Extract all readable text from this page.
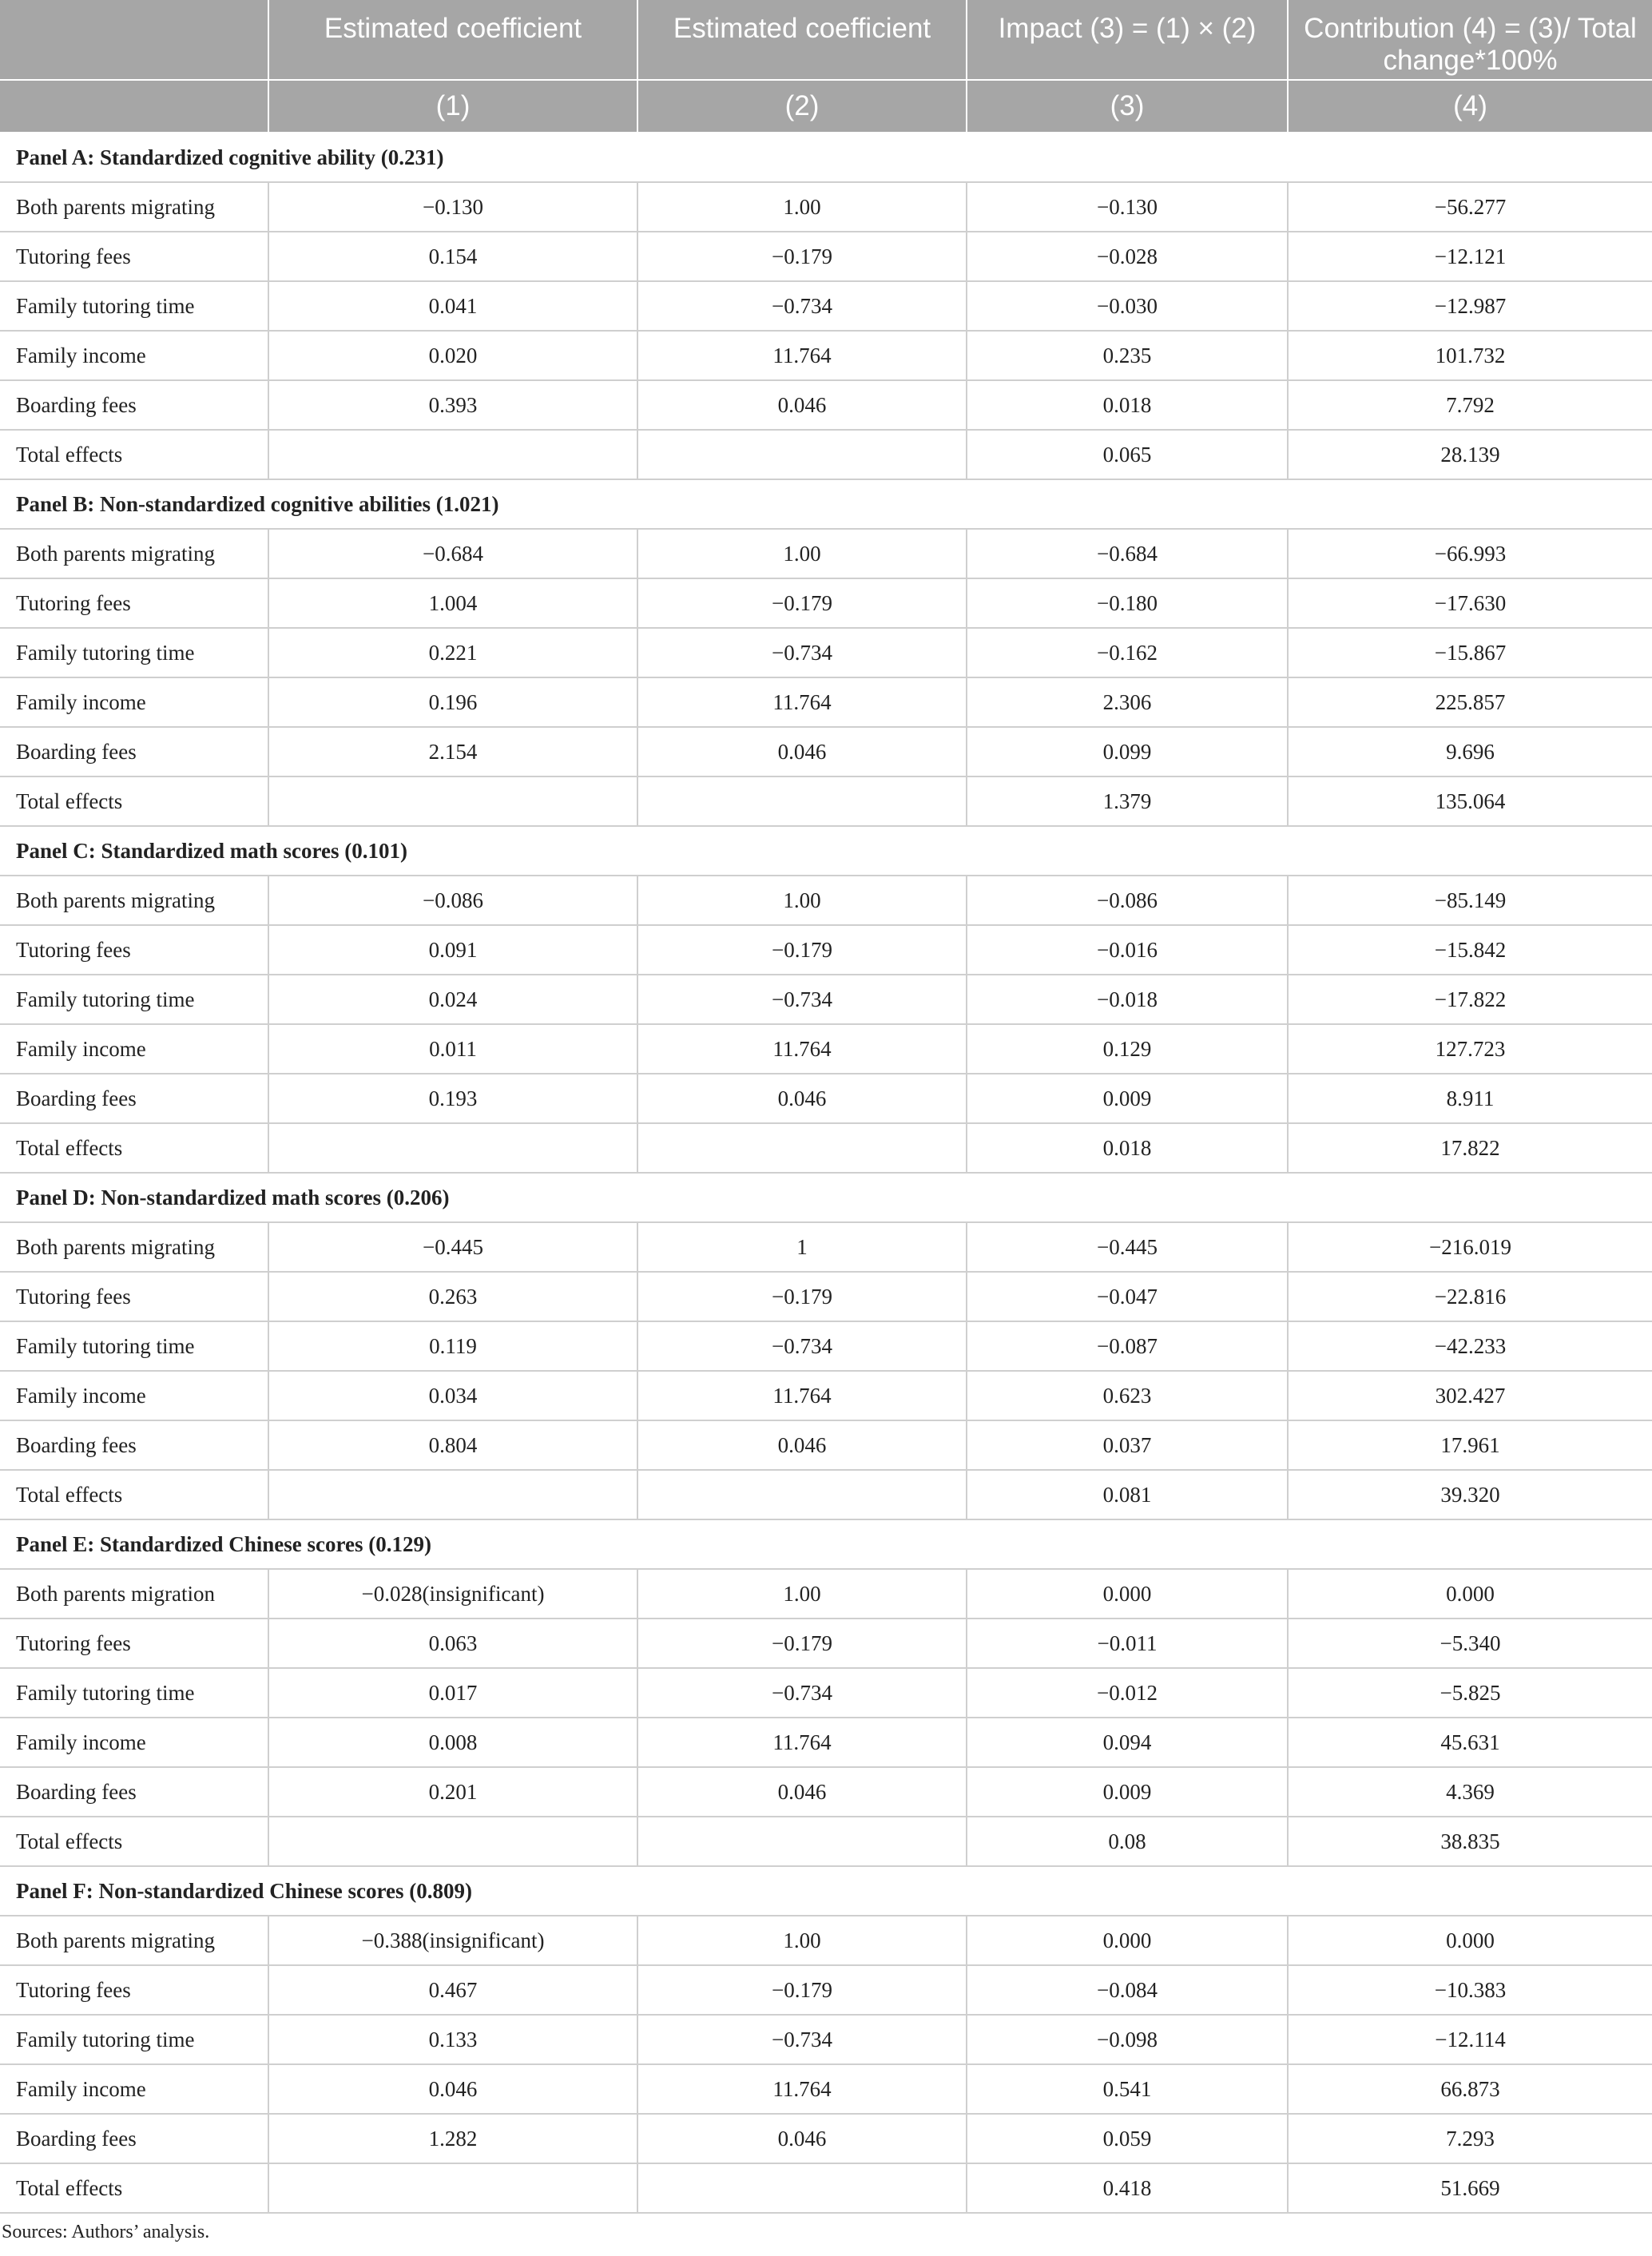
	Estimated coefficient	Estimated coefficient	Impact (3) = (1) × (2)	Contribution (4) = (3)/ Total change*100%
	(1)	(2)	(3)	(4)
Panel A: Standardized cognitive ability (0.231)				
Both parents migrating	−0.130	1.00	−0.130	−56.277
Tutoring fees	0.154	−0.179	−0.028	−12.121
Family tutoring time	0.041	−0.734	−0.030	−12.987
Family income	0.020	11.764	0.235	101.732
Boarding fees	0.393	0.046	0.018	7.792
Total effects			0.065	28.139
Panel B: Non-standardized cognitive abilities (1.021)				
Both parents migrating	−0.684	1.00	−0.684	−66.993
Tutoring fees	1.004	−0.179	−0.180	−17.630
Family tutoring time	0.221	−0.734	−0.162	−15.867
Family income	0.196	11.764	2.306	225.857
Boarding fees	2.154	0.046	0.099	9.696
Total effects			1.379	135.064
Panel C: Standardized math scores (0.101)				
Both parents migrating	−0.086	1.00	−0.086	−85.149
Tutoring fees	0.091	−0.179	−0.016	−15.842
Family tutoring time	0.024	−0.734	−0.018	−17.822
Family income	0.011	11.764	0.129	127.723
Boarding fees	0.193	0.046	0.009	8.911
Total effects			0.018	17.822
Panel D: Non-standardized math scores (0.206)				
Both parents migrating	−0.445	1	−0.445	−216.019
Tutoring fees	0.263	−0.179	−0.047	−22.816
Family tutoring time	0.119	−0.734	−0.087	−42.233
Family income	0.034	11.764	0.623	302.427
Boarding fees	0.804	0.046	0.037	17.961
Total effects			0.081	39.320
Panel E: Standardized Chinese scores (0.129)				
Both parents migration	−0.028(insignificant)	1.00	0.000	0.000
Tutoring fees	0.063	−0.179	−0.011	−5.340
Family tutoring time	0.017	−0.734	−0.012	−5.825
Family income	0.008	11.764	0.094	45.631
Boarding fees	0.201	0.046	0.009	4.369
Total effects			0.08	38.835
Panel F: Non-standardized Chinese scores (0.809)				
Both parents migrating	−0.388(insignificant)	1.00	0.000	0.000
Tutoring fees	0.467	−0.179	−0.084	−10.383
Family tutoring time	0.133	−0.734	−0.098	−12.114
Family income	0.046	11.764	0.541	66.873
Boarding fees	1.282	0.046	0.059	7.293
Total effects			0.418	51.669
Sources: Authors’ analysis.
